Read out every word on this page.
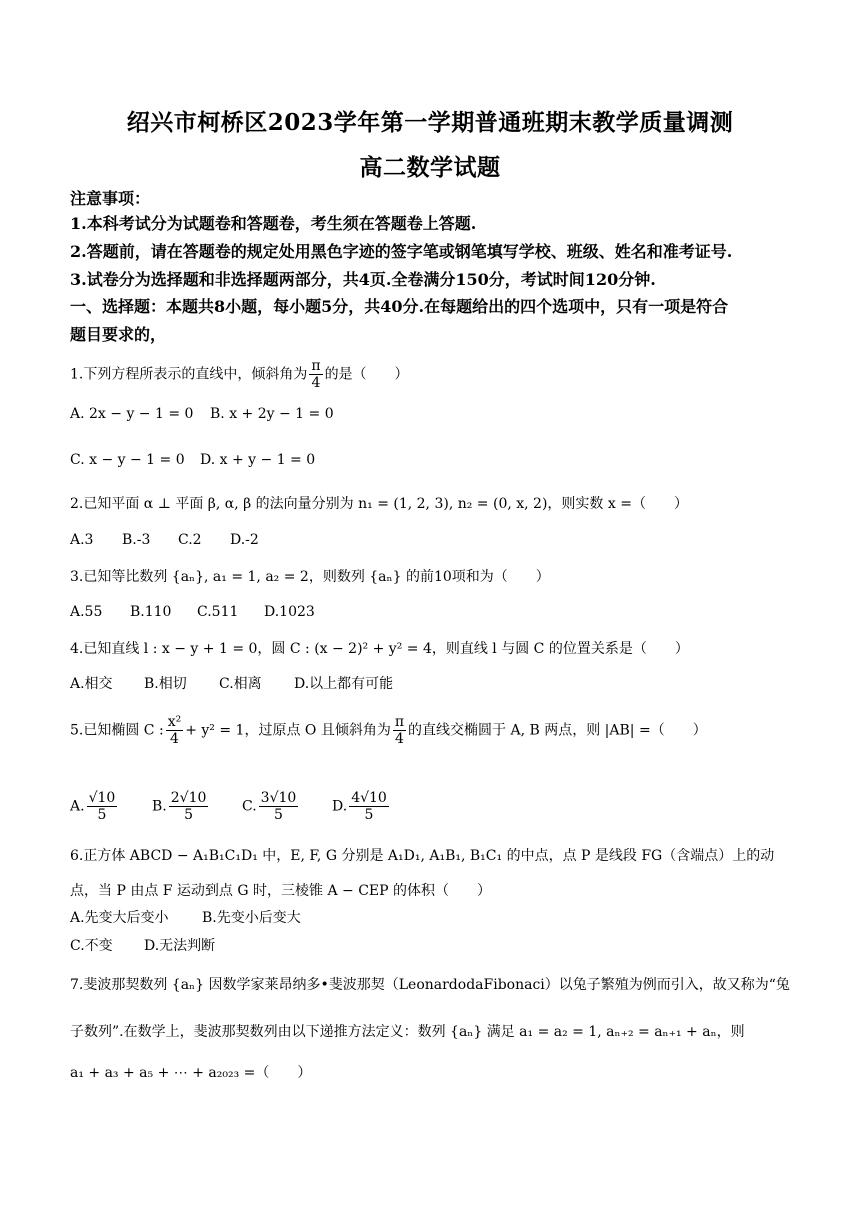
绍兴市柯桥区2023学年第一学期普通班期末教学质量调测
高二数学试题
注意事项：
1.本科考试分为试题卷和答题卷，考生须在答题卷上答题.
2.答题前，请在答题卷的规定处用黑色字迹的签字笔或钢笔填写学校、班级、姓名和准考证号.
3.试卷分为选择题和非选择题两部分，共4页.全卷满分150分，考试时间120分钟.
一、选择题：本题共8小题，每小题5分，共40分.在每题给出的四个选项中，只有一项是符合
题目要求的，
1.下列方程所表示的直线中，倾斜角为 $\frac{\pi}{4}$ 的是（　　）
A. 2x − y − 1 = 0 B. x + 2y − 1 = 0
C. x − y − 1 = 0 D. x + y − 1 = 0
2.已知平面 α ⊥ 平面 β, α, β 的法向量分别为 n₁ = (1, 2, 3), n₂ = (0, x, 2)，则实数 x =（　　）
A.3 B.-3 C.2 D.-2
3.已知等比数列 {aₙ}, a₁ = 1, a₂ = 2，则数列 {aₙ} 的前10项和为（　　）
A.55 B.110 C.511 D.1023
4.已知直线 l : x − y + 1 = 0，圆 C : (x − 2)² + y² = 4，则直线 l 与圆 C 的位置关系是（　　）
A.相交 B.相切 C.相离 D.以上都有可能
5.已知椭圆 C : $\frac{\text{x²}}{4} + y^2 = 1$，过原点 O 且倾斜角为 $\frac{\pi}{4}$ 的直线交椭圆于 A, B 两点，则 |AB| =（　　）
A. $\frac{√10}{5} B$. $\frac{2√10}{5} C$. $\frac{3√10}{5} D$. $\frac{4√10}{5}$
6.正方体 ABCD − A₁B₁C₁D₁ 中，E, F, G 分别是 A₁D₁, A₁B₁, B₁C₁ 的中点，点 P 是线段 FG（含端点）上的动
点，当 P 由点 F 运动到点 G 时，三棱锥 A − CEP 的体积（　　）
A.先变大后变小 B.先变小后变大
C.不变 D.无法判断
7.斐波那契数列 {aₙ} 因数学家莱昂纳多•斐波那契（LeonardodaFibonaci）以兔子繁殖为例而引入，故又称为“兔
子数列”.在数学上，斐波那契数列由以下递推方法定义：数列 {aₙ} 满足 a₁ = a₂ = 1, aₙ₊₂ = aₙ₊₁ + aₙ，则
a₁ + a₃ + a₅ + ⋯ + a₂₀₂₃ =（　　）
